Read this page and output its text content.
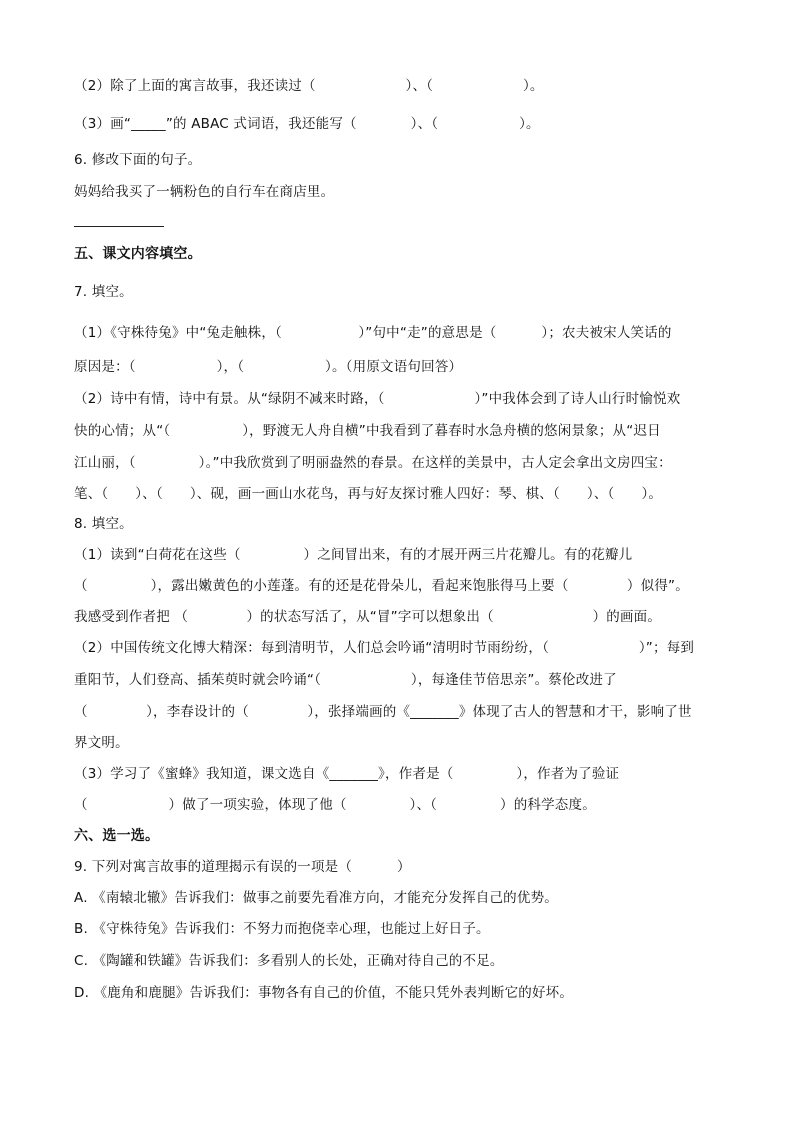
（2）除了上面的寓言故事，我还读过（                    ）、（                    ）。
（3）画“_____”的 ABAC 式词语，我还能写（            ）、（                  ）。
6. 修改下面的句子。
妈妈给我买了一辆粉色的自行车在商店里。
五、课文内容填空。
7. 填空。
（1）《守株待兔》中“兔走触株，（                 ）”句中“走”的意思是（          ）；农夫被宋人笑话的
原因是：（                  ），（                  ）。（用原文语句回答）
（2）诗中有情，诗中有景。从“绿阴不减来时路，（                    ）”中我体会到了诗人山行时愉悦欢
快的心情；从“（                ），野渡无人舟自横”中我看到了暮春时水急舟横的悠闲景象；从“迟日
江山丽，（              ）。”中我欣赏到了明丽盎然的春景。在这样的美景中，古人定会拿出文房四宝：
笔、（      ）、（      ）、砚，画一画山水花鸟，再与好友探讨雅人四好：琴、棋、（      ）、（      ）。
8. 填空。
（1）读到“白荷花在这些（              ）之间冒出来，有的才展开两三片花瓣儿。有的花瓣儿
（              ），露出嫩黄色的小莲蓬。有的还是花骨朵儿，看起来饱胀得马上要（             ）似得”。
我感受到作者把 （             ）的状态写活了，从“冒”字可以想象出（                      ）的画面。
（2）中国传统文化博大精深：每到清明节，人们总会吟诵“清明时节雨纷纷，（                    ）”；每到
重阳节，人们登高、插茱萸时就会吟诵“（                    ），每逢佳节倍思亲”。蔡伦改进了
（             ），李春设计的（             ），张择端画的《_______》体现了古人的智慧和才干，影响了世
界文明。
（3）学习了《蜜蜂》我知道，课文选自《_______》，作者是（              ），作者为了验证
（                  ）做了一项实验，体现了他（              ）、（              ）的科学态度。
六、选一选。
9. 下列对寓言故事的道理揭示有误的一项是（          ）
A. 《南辕北辙》告诉我们：做事之前要先看准方向，才能充分发挥自己的优势。
B. 《守株待兔》告诉我们：不努力而抱侥幸心理，也能过上好日子。
C. 《陶罐和铁罐》告诉我们：多看别人的长处，正确对待自己的不足。
D. 《鹿角和鹿腿》告诉我们：事物各有自己的价值，不能只凭外表判断它的好坏。
